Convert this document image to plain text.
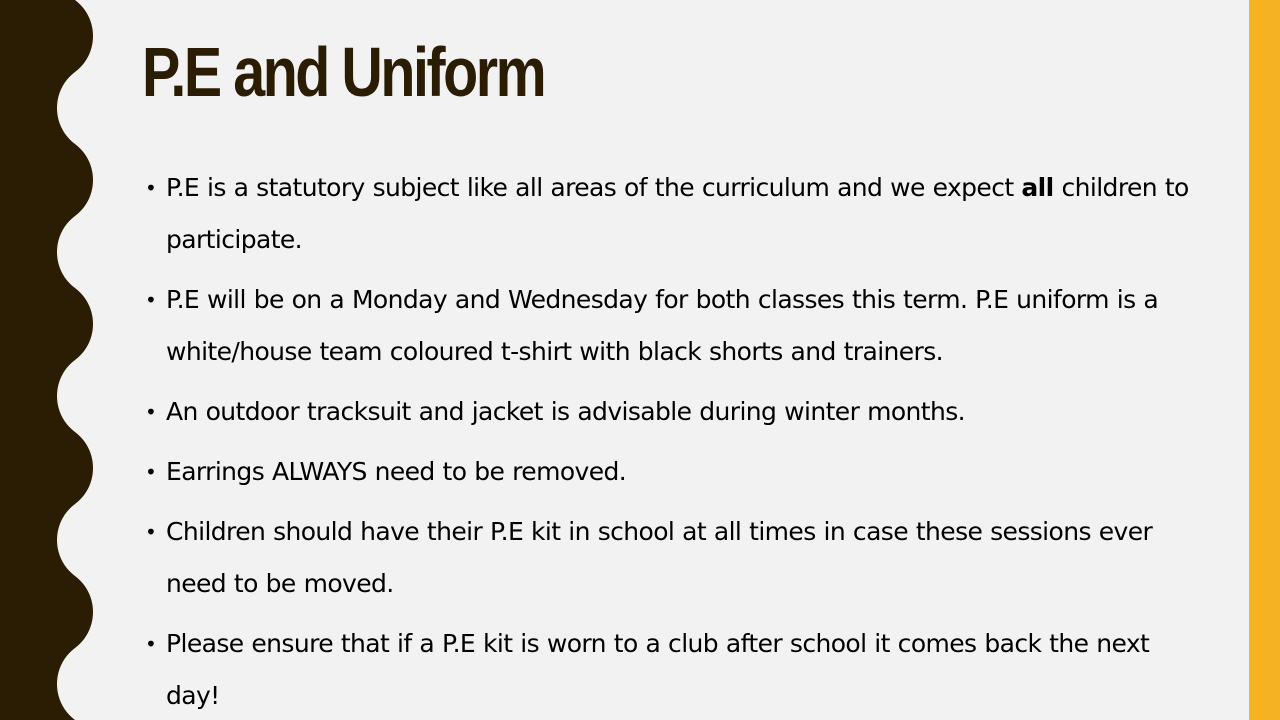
P.E and Uniform
• P.E is a statutory subject like all areas of the curriculum and we expect all children to participate.
• P.E will be on a Monday and Wednesday for both classes this term. P.E uniform is a white/house team coloured t-shirt with black shorts and trainers.
• An outdoor tracksuit and jacket is advisable during winter months.
• Earrings ALWAYS need to be removed.
• Children should have their P.E kit in school at all times in case these sessions ever need to be moved.
• Please ensure that if a P.E kit is worn to a club after school it comes back the next day!
